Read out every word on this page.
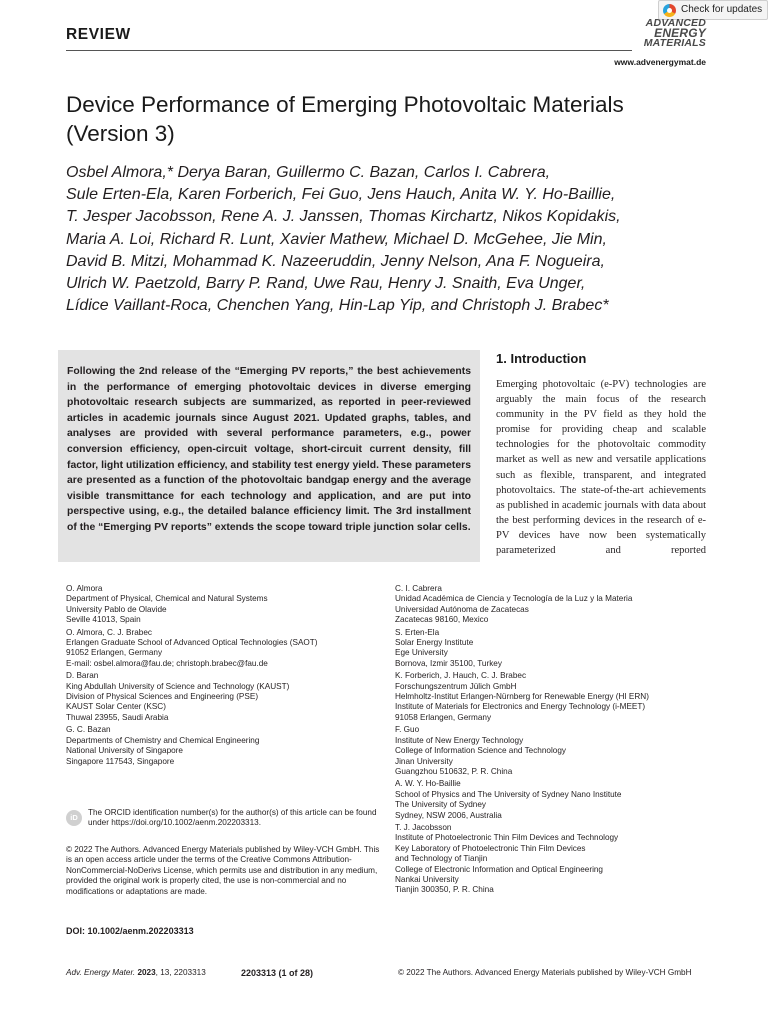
Check for updates
REVIEW
ADVANCED
ENERGY
MATERIALS
www.advenergymat.de
Device Performance of Emerging Photovoltaic Materials (Version 3)
Osbel Almora,* Derya Baran, Guillermo C. Bazan, Carlos I. Cabrera,
Sule Erten-Ela, Karen Forberich, Fei Guo, Jens Hauch, Anita W. Y. Ho-Baillie,
T. Jesper Jacobsson, Rene A. J. Janssen, Thomas Kirchartz, Nikos Kopidakis,
Maria A. Loi, Richard R. Lunt, Xavier Mathew, Michael D. McGehee, Jie Min,
David B. Mitzi, Mohammad K. Nazeeruddin, Jenny Nelson, Ana F. Nogueira,
Ulrich W. Paetzold, Barry P. Rand, Uwe Rau, Henry J. Snaith, Eva Unger,
Lídice Vaillant-Roca, Chenchen Yang, Hin-Lap Yip, and Christoph J. Brabec*

Following the 2nd release of the “Emerging PV reports,” the best achievements in the performance of emerging photovoltaic devices in diverse emerging photovoltaic research subjects are summarized, as reported in peer-reviewed articles in academic journals since August 2021. Updated graphs, tables, and analyses are provided with several performance parameters, e.g., power conversion efficiency, open-circuit voltage, short-circuit current density, fill factor, light utilization efficiency, and stability test energy yield. These parameters are presented as a function of the photovoltaic bandgap energy and the average visible transmittance for each technology and application, and are put into perspective using, e.g., the detailed balance efficiency limit. The 3rd installment of the “Emerging PV reports” extends the scope toward triple junction solar cells.

1. Introduction
Emerging photovoltaic (e-PV) technologies are arguably the main focus of the research community in the PV field as they hold the promise for providing cheap and scalable technologies for the photovoltaic commodity market as well as new and versatile applications such as flexible, transparent, and integrated photovoltaics. The state-of-the-art achievements as published in academic journals with data about the best performing devices in the research of e-PV devices have now been systematically parameterized and reported
O. Almora
Department of Physical, Chemical and Natural Systems
University Pablo de Olavide
Seville 41013, Spain
O. Almora, C. J. Brabec
Erlangen Graduate School of Advanced Optical Technologies (SAOT)
91052 Erlangen, Germany
E-mail: osbel.almora@fau.de; christoph.brabec@fau.de
D. Baran
King Abdullah University of Science and Technology (KAUST)
Division of Physical Sciences and Engineering (PSE)
KAUST Solar Center (KSC)
Thuwal 23955, Saudi Arabia
G. C. Bazan
Departments of Chemistry and Chemical Engineering
National University of Singapore
Singapore 117543, Singapore
C. I. Cabrera
Unidad Académica de Ciencia y Tecnología de la Luz y la Materia
Universidad Autónoma de Zacatecas
Zacatecas 98160, Mexico
S. Erten-Ela
Solar Energy Institute
Ege University
Bornova, Izmir 35100, Turkey
K. Forberich, J. Hauch, C. J. Brabec
Forschungszentrum Jülich GmbH
Helmholtz-Institut Erlangen-Nürnberg for Renewable Energy (HI ERN)
Institute of Materials for Electronics and Energy Technology (i-MEET)
91058 Erlangen, Germany
F. Guo
Institute of New Energy Technology
College of Information Science and Technology
Jinan University
Guangzhou 510632, P. R. China
A. W. Y. Ho-Baillie
School of Physics and The University of Sydney Nano Institute
The University of Sydney
Sydney, NSW 2006, Australia
T. J. Jacobsson
Institute of Photoelectronic Thin Film Devices and Technology
Key Laboratory of Photoelectronic Thin Film Devices
and Technology of Tianjin
College of Electronic Information and Optical Engineering
Nankai University
Tianjin 300350, P. R. China
iD
The ORCID identification number(s) for the author(s) of this article can be found under https://doi.org/10.1002/aenm.202203313.
© 2022 The Authors. Advanced Energy Materials published by Wiley-VCH GmbH. This is an open access article under the terms of the Creative Commons Attribution-NonCommercial-NoDerivs License, which permits use and distribution in any medium, provided the original work is properly cited, the use is non-commercial and no modifications or adaptations are made.
DOI: 10.1002/aenm.202203313
Adv. Energy Mater. 2023, 13, 2203313	2203313 (1 of 28)	© 2022 The Authors. Advanced Energy Materials published by Wiley-VCH GmbH
